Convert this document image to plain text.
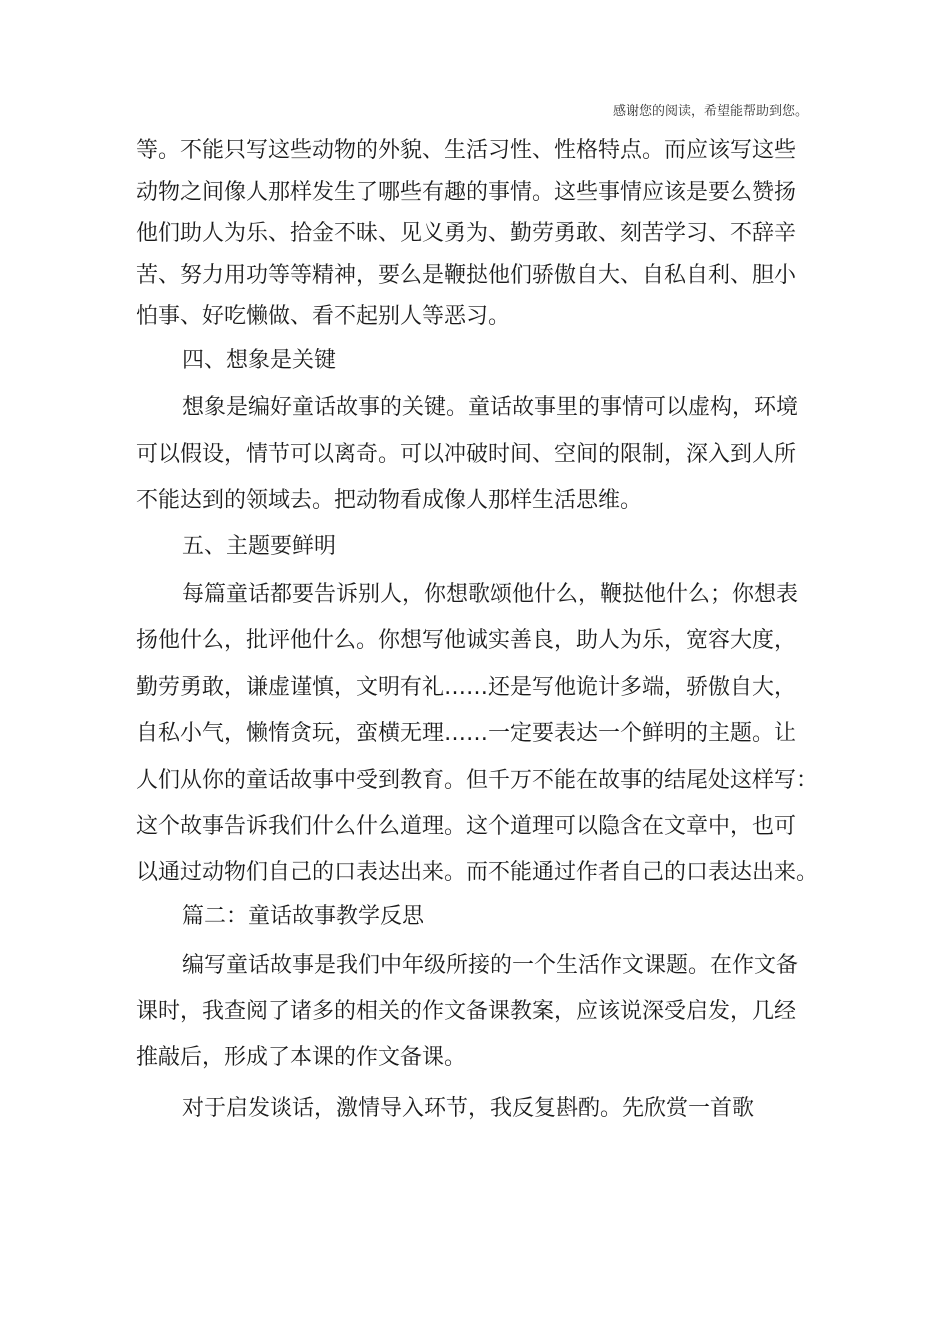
感谢您的阅读，希望能帮助到您。
等。不能只写这些动物的外貌、生活习性、性格特点。而应该写这些
动物之间像人那样发生了哪些有趣的事情。这些事情应该是要么赞扬
他们助人为乐、拾金不昧、见义勇为、勤劳勇敢、刻苦学习、不辞辛
苦、努力用功等等精神，要么是鞭挞他们骄傲自大、自私自利、胆小
怕事、好吃懒做、看不起别人等恶习。
四、想象是关键
想象是编好童话故事的关键。童话故事里的事情可以虚构，环境
可以假设，情节可以离奇。可以冲破时间、空间的限制，深入到人所
不能达到的领域去。把动物看成像人那样生活思维。
五、主题要鲜明
每篇童话都要告诉别人，你想歌颂他什么，鞭挞他什么；你想表
扬他什么，批评他什么。你想写他诚实善良，助人为乐，宽容大度，
勤劳勇敢，谦虚谨慎，文明有礼……还是写他诡计多端，骄傲自大，
自私小气，懒惰贪玩，蛮横无理……一定要表达一个鲜明的主题。让
人们从你的童话故事中受到教育。但千万不能在故事的结尾处这样写：
这个故事告诉我们什么什么道理。这个道理可以隐含在文章中，也可
以通过动物们自己的口表达出来。而不能通过作者自己的口表达出来。
篇二：童话故事教学反思
编写童话故事是我们中年级所接的一个生活作文课题。在作文备
课时，我查阅了诸多的相关的作文备课教案，应该说深受启发，几经
推敲后，形成了本课的作文备课。
对于启发谈话，激情导入环节，我反复斟酌。先欣赏一首歌
